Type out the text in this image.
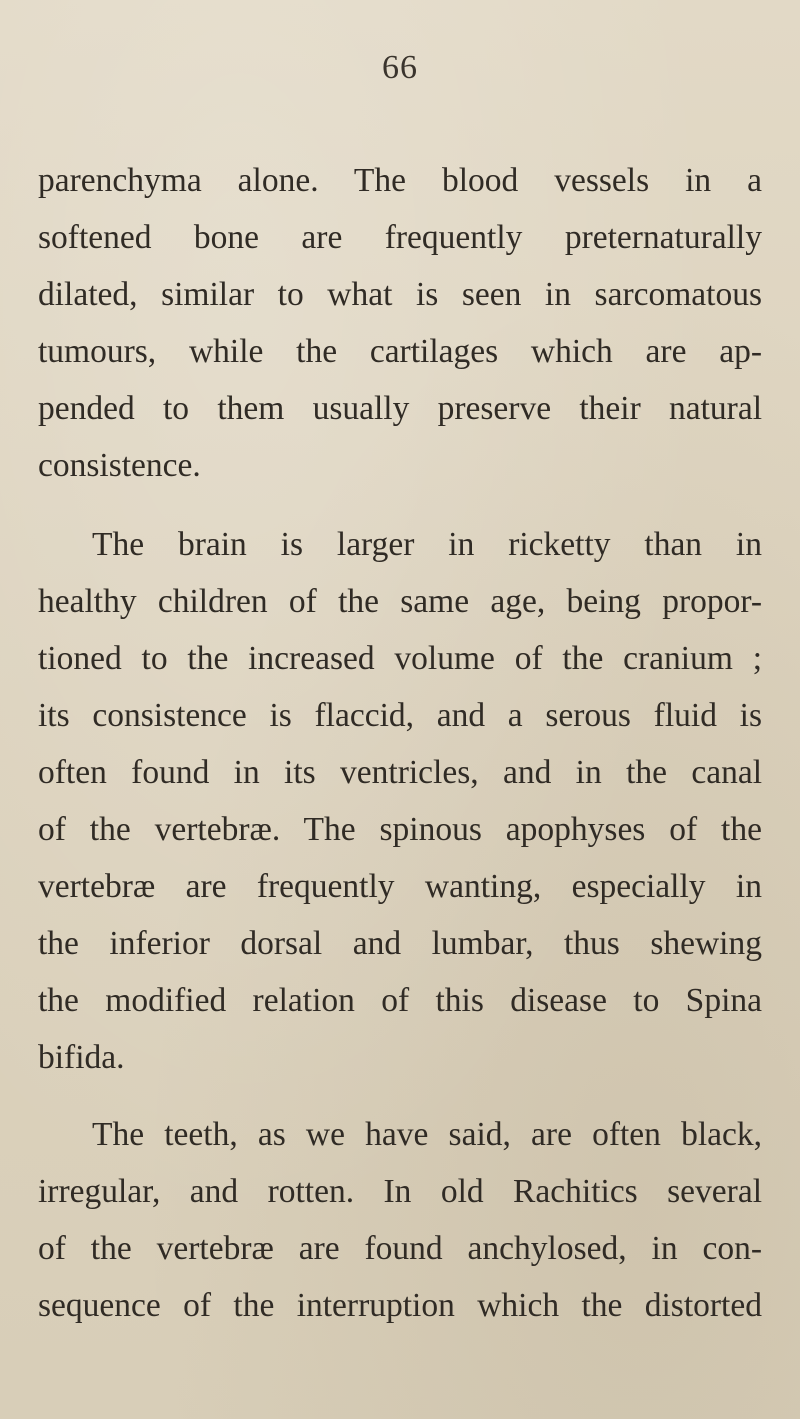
66
parenchyma alone. The blood vessels in a
softened bone are frequently preternaturally
dilated, similar to what is seen in sarcomatous
tumours, while the cartilages which are ap-
pended to them usually preserve their natural
consistence.
The brain is larger in ricketty than in
healthy children of the same age, being propor-
tioned to the increased volume of the cranium ;
its consistence is flaccid, and a serous fluid is
often found in its ventricles, and in the canal
of the vertebræ. The spinous apophyses of the
vertebræ are frequently wanting, especially in
the inferior dorsal and lumbar, thus shewing
the modified relation of this disease to Spina
bifida.
The teeth, as we have said, are often black,
irregular, and rotten. In old Rachitics several
of the vertebræ are found anchylosed, in con-
sequence of the interruption which the distorted
